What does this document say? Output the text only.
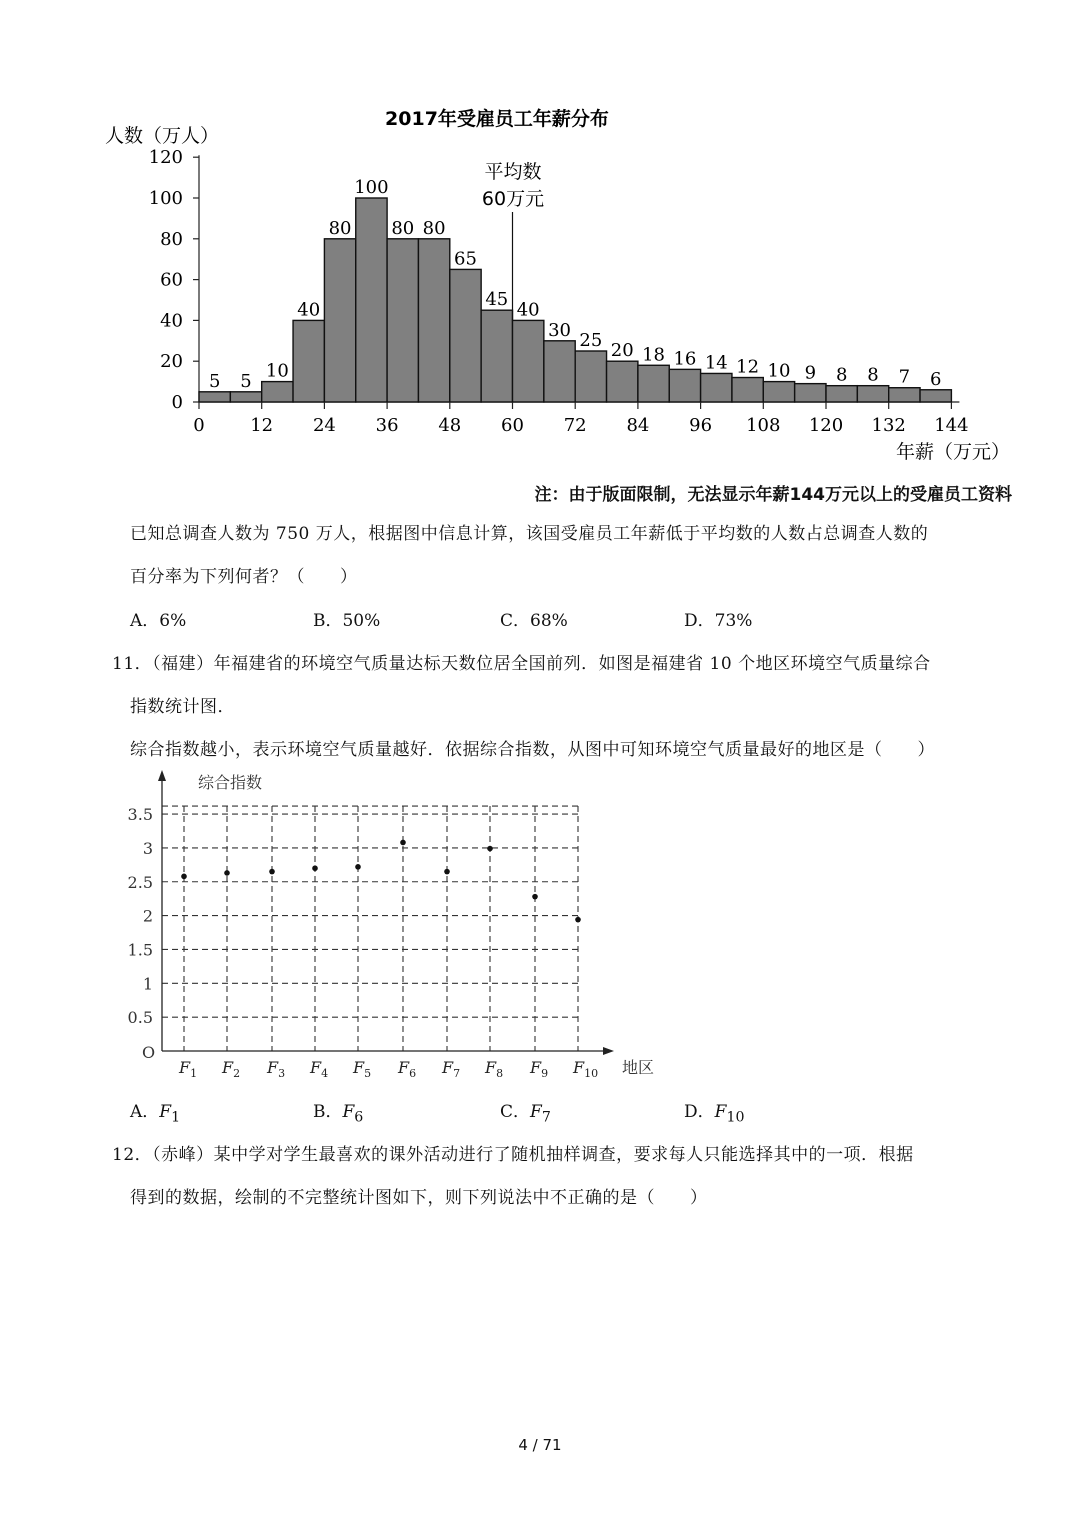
2017年受雇员工年薪分布
人数（万人）
年薪（万元）
平均数
60万元
0
20
40
60
80
100
120
5 5 10
40
80
100
80 80
65
45 40
30 25 20 18 16 14 12 10 9 8 8 7 6
0	12 24 36 48 60 72 84 96 108 120 132 144
注：由于版面限制，无法显示年薪144万元以上的受雇员工资料
已知总调查人数为 750 万人，根据图中信息计算，该国受雇员工年薪低于平均数的人数占总调查人数的
百分率为下列何者？（　　）
A．6%	B．50%	C．68%	D．73%
11．（福建）年福建省的环境空气质量达标天数位居全国前列．如图是福建省 10 个地区环境空气质量综合
指数统计图．
综合指数越小，表示环境空气质量越好．依据综合指数，从图中可知环境空气质量最好的地区是（　　）
综合指数
地区
O
0.5
1
1.5
2
2.5
3
3.5
$F_1$ $F_2$ $F_3$ $F_4$ $F_5$ $F_6$ $F_7$ $F_8$ $F_9$ $F_{10}$
A．$F_1$	B．$F_6$	C．$F_7$	D．$F_{10}$
12．（赤峰）某中学对学生最喜欢的课外活动进行了随机抽样调查，要求每人只能选择其中的一项．根据
得到的数据，绘制的不完整统计图如下，则下列说法中不正确的是（　　）
4 / 71
